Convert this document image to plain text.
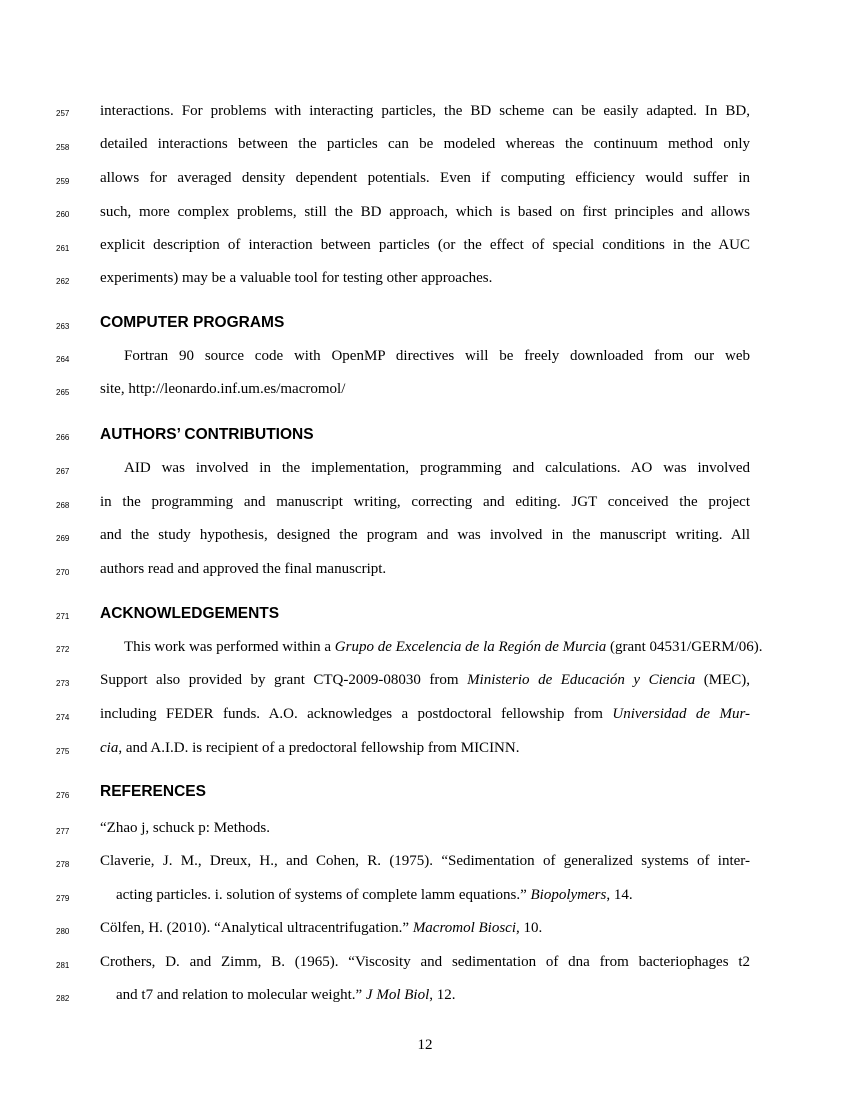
257
258
259
260
261
262
263
264
265
266
267
268
269
270
271
272
273
274
275
276
277
278
279
280
281
282
interactions. For problems with interacting particles, the BD scheme can be easily adapted. In BD,
detailed interactions between the particles can be modeled whereas the continuum method only
allows for averaged density dependent potentials. Even if computing efficiency would suffer in
such, more complex problems, still the BD approach, which is based on first principles and allows
explicit description of interaction between particles (or the effect of special conditions in the AUC
experiments) may be a valuable tool for testing other approaches.
COMPUTER PROGRAMS
Fortran 90 source code with OpenMP directives will be freely downloaded from our web
site, http://leonardo.inf.um.es/macromol/
AUTHORS’ CONTRIBUTIONS
AID was involved in the implementation, programming and calculations. AO was involved
in the programming and manuscript writing, correcting and editing. JGT conceived the project
and the study hypothesis, designed the program and was involved in the manuscript writing. All
authors read and approved the final manuscript.
ACKNOWLEDGEMENTS
This work was performed within a Grupo de Excelencia de la Región de Murcia (grant 04531/GERM/06).
Support also provided by grant CTQ-2009-08030 from Ministerio de Educación y Ciencia (MEC),
including FEDER funds. A.O. acknowledges a postdoctoral fellowship from Universidad de Mur-
cia, and A.I.D. is recipient of a predoctoral fellowship from MICINN.
REFERENCES
“Zhao j, schuck p: Methods.
Claverie, J. M., Dreux, H., and Cohen, R. (1975). “Sedimentation of generalized systems of inter-
acting particles. i. solution of systems of complete lamm equations.” Biopolymers, 14.
Cölfen, H. (2010). “Analytical ultracentrifugation.” Macromol Biosci, 10.
Crothers, D. and Zimm, B. (1965). “Viscosity and sedimentation of dna from bacteriophages t2
and t7 and relation to molecular weight.” J Mol Biol, 12.
12
